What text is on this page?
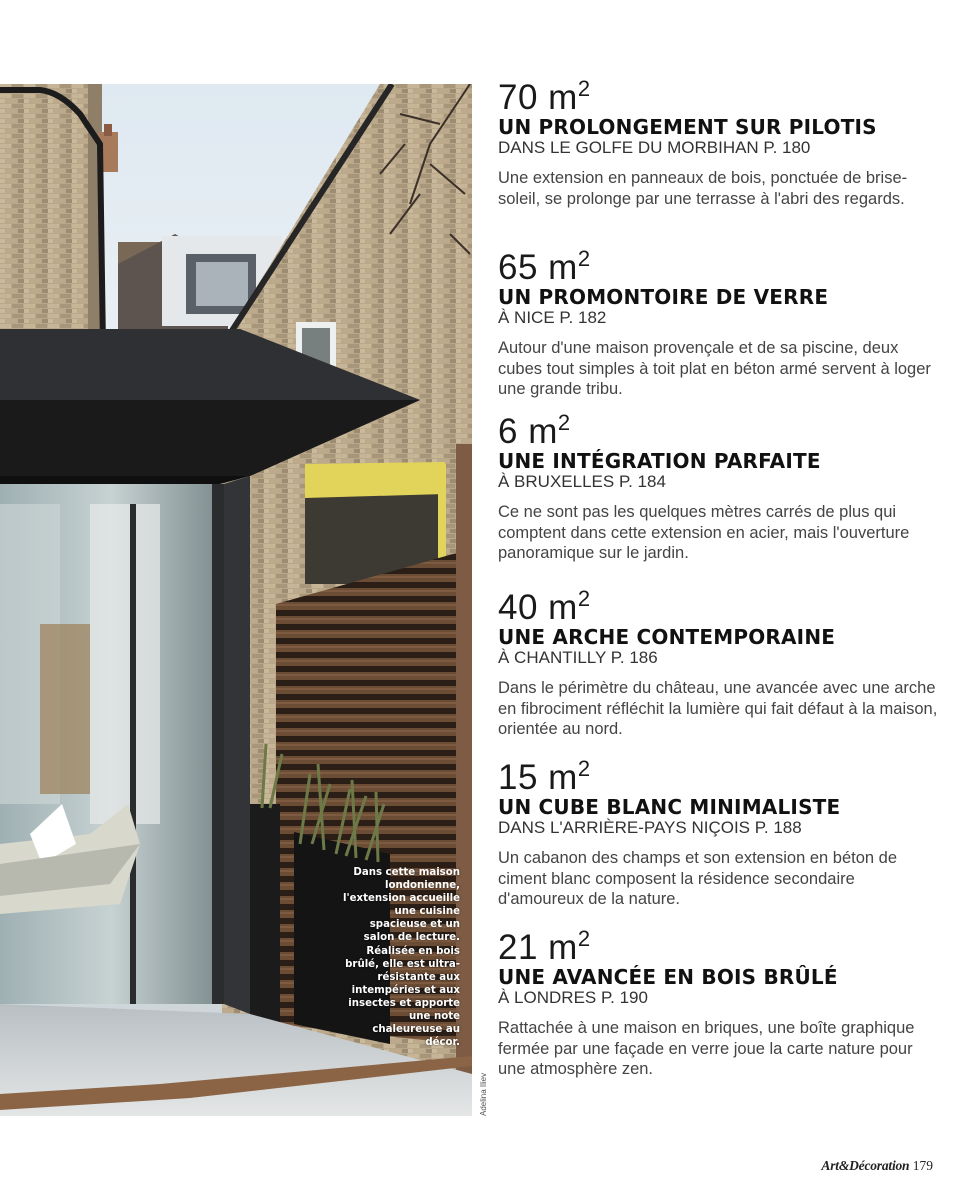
Dans cette maison londonienne, l'extension accueille une cuisine spacieuse et un salon de lecture. Réalisée en bois brûlé, elle est ultra-résistante aux intempéries et aux insectes et apporte une note chaleureuse au décor.

Adelina Iliev
70 $m^2$
UN PROLONGEMENT SUR PILOTIS
DANS LE GOLFE DU MORBIHAN P. 180

Une extension en panneaux de bois, ponctuée de brise-soleil, se prolonge par une terrasse à l'abri des regards.

65 $m^2$
UN PROMONTOIRE DE VERRE
À NICE P. 182

Autour d'une maison provençale et de sa piscine, deux cubes tout simples à toit plat en béton armé servent à loger une grande tribu.

6 $m^2$
UNE INTÉGRATION PARFAITE
À BRUXELLES P. 184

Ce ne sont pas les quelques mètres carrés de plus qui comptent dans cette extension en acier, mais l'ouverture panoramique sur le jardin.

40 $m^2$
UNE ARCHE CONTEMPORAINE
À CHANTILLY P. 186

Dans le périmètre du château, une avancée avec une arche en fibrociment réfléchit la lumière qui fait défaut à la maison, orientée au nord.

15 $m^2$
UN CUBE BLANC MINIMALISTE
DANS L'ARRIÈRE-PAYS NIÇOIS P. 188

Un cabanon des champs et son extension en béton de ciment blanc composent la résidence secondaire d'amoureux de la nature.

21 $m^2$
UNE AVANCÉE EN BOIS BRÛLÉ
À LONDRES P. 190

Rattachée à une maison en briques, une boîte graphique fermée par une façade en verre joue la carte nature pour une atmosphère zen.

Art&Décoration 179
